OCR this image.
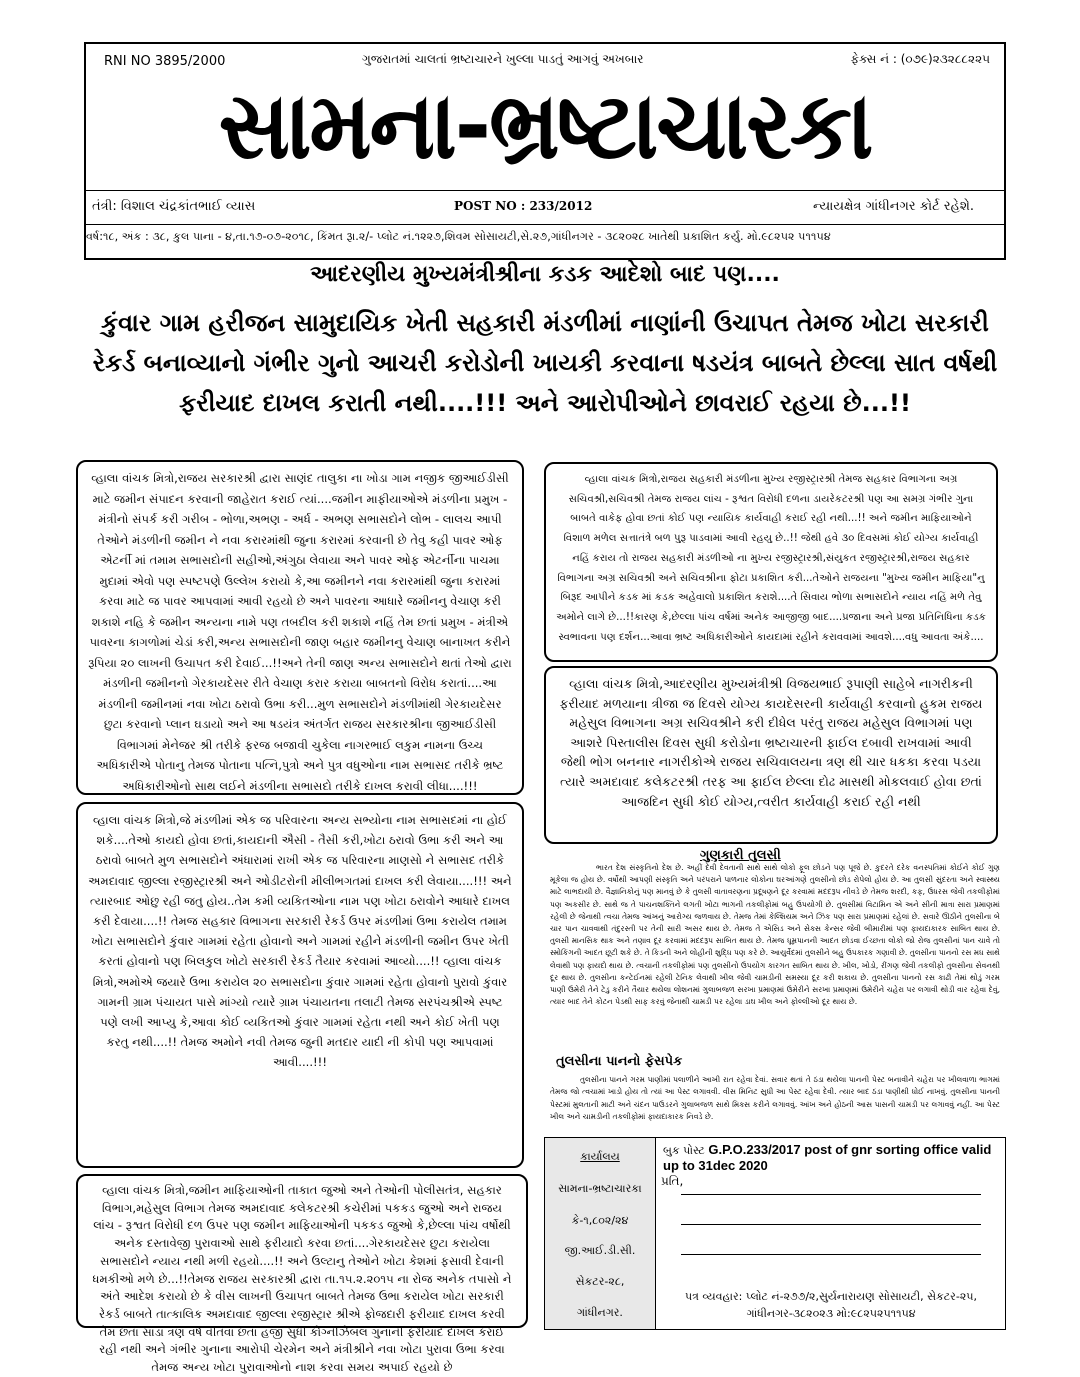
RNI NO 3895/2000	ગુજરાતમાં ચાલતાં ભ્રષ્ટાચારને ખુલ્લા પાડતું આગવું અખબાર	ફેક્સ નં : (૦૭૯)૨૩૨૮૮૨૨૫
સામના-ભ્રષ્ટાચારકા
તંત્રી: વિશાલ ચંદ્રકાંતભાઈ વ્યાસ	POST NO : 233/2012	ન્યાયક્ષેત્ર ગાંધીનગર કોર્ટ રહેશે.
વર્ષ:૧૮, અંક : ૩૮, કુલ પાના - ૪,તા.૧૭-૦૭-૨૦૧૮, કિંમત રૂા.૨/- પ્લોટ નં.૧૨૨૭,શિવમ સોસાયટી,સે.૨૭,ગાંધીનગર - ૩૮૨૦૨૮ ખાતેથી પ્રકાશિત કર્યુ. મો.૯૮૨૫૨ ૫૧૧૫૪
આદરણીય મુખ્યમંત્રીશ્રીના કડક આદેશો બાદ પણ....
કુંવાર ગામ હરીજન સામુદાયિક ખેતી સહકારી મંડળીમાં નાણાંની ઉચાપત તેમજ ખોટા સરકારી રેકર્ડ બનાવ્યાનો ગંભીર ગુનો આચરી કરોડોની ખાયકી કરવાના ષડયંત્ર બાબતે છેલ્લા સાત વર્ષથી ફરીયાદ દાખલ કરાતી નથી....!!! અને આરોપીઓને છાવરાઈ રહયા છે...!!
વ્હાલા વાંચક મિત્રો,રાજય સરકારશ્રી દ્વારા સાણંદ તાલુકા ના ખોડા ગામ નજીક જીઆઈડીસી માટે જમીન સંપાદન કરવાની જાહેરાત કરાઈ ત્યાં....જમીન માફીયાઓએ મંડળીના પ્રમુખ - મંત્રીનો સંપર્ક કરી ગરીબ - ભોળા,અભણ - અર્ધ - અભણ સભાસદોને લોભ - લાલચ આપી તેઓને મંડળીની જમીન ને નવા કરારમાંથી જુના કરારમાં કરવાની છે તેવુ કહી પાવર ઓફ એટર્ની માં તમામ સભાસદોની સહીઓ,અંગુઠા લેવાયા અને પાવર ઓફ એટર્નીના પાચમા મુદામાં એવો પણ સ્પષ્ટપણે ઉલ્લેખ કરાયો કે,આ જમીનને નવા કરારમાંથી જુના કરારમાં કરવા માટે જ પાવર આપવામાં આવી રહયો છે અને પાવરના આધારે જમીનનુ વેચાણ કરી શકાશે નહિ કે જમીન અન્યના નામે પણ તબદીલ કરી શકાશે નહિં તેમ છતાં પ્રમુખ - મંત્રીએ પાવરના કાગળોમાં ચેડાં કરી,અન્ય સભાસદોની જાણ બહાર જમીનનુ વેચાણ બાનાખત કરીને રૂપિયા ૨૦ લાખની ઉચાપત કરી દેવાઈ...!!અને તેની જાણ અન્ય સભાસદોને થતાં તેઓ દ્વારા મંડળીની જમીનનો ગેરકાયદેસર રીતે વેચાણ કરાર કરાયા બાબતનો વિરોધ કરાતાં....આ મંડળીની જમીનમાં નવા ખોટા ઠરાવો ઉભા કરી...મુળ સભાસદોને મંડળીમાંથી ગેરકાયદેસર છુટા કરવાનો પ્લાન ઘડાયો અને આ ષડયંત્ર અંતર્ગત રાજય સરકારશ્રીના જીઆઈડીસી વિભાગમાં મેનેજર શ્રી તરીકે ફરજ બજાવી ચુકેલા નાગરભાઈ લકુમ નામના ઉચ્ચ અધિકારીએ પોતાનુ તેમજ પોતાના પત્નિ,પુત્રો અને પુત્ર વધુઓના નામ સભાસદ તરીકે ભ્રષ્ટ અધિકારીઓનો સાથ લઈને મંડળીના સભાસદો તરીકે દાખલ કરાવી લીધા....!!!
વ્હાલા વાંચક મિત્રો,જે મંડળીમાં એક જ પરિવારના અન્ય સભ્યોના નામ સભાસદમાં ના હોઈ શકે....તેઓ કાયદો હોવા છતાં,કાયદાની ઐસી - તૈસી કરી,ખોટા ઠરાવો ઉભા કરી અને આ ઠરાવો બાબતે મુળ સભાસદોને અંધારામાં રાખી એક જ પરિવારના માણસો ને સભાસદ તરીકે અમદાવાદ જીલ્લા રજીસ્ટ્રારશ્રી અને ઓડીટરોની મીલીભગતમાં દાખલ કરી લેવાયા....!!! અને ત્યારબાદ ઓછુ રહી જતુ હોય..તેમ કમી વ્યકિતઓના નામ પણ ખોટા ઠરાવોને આધારે દાખલ કરી દેવાયા....!! તેમજ સહકાર વિભાગના સરકારી રેકર્ડ ઉપર મંડળીમાં ઉભા કરાયેલ તમામ ખોટા સભાસદોને કુંવાર ગામમાં રહેતા હોવાનો અને ગામમાં રહીને મંડળીની જમીન ઉપર ખેતી કરતાં હોવાનો પણ બિલકુલ ખોટો સરકારી રેકર્ડ તૈયાર કરવામાં આવ્યો....!! વ્હાલા વાંચક મિત્રો,અમોએ જયારે ઉભા કરાયેલ ૨૦ સભાસદોના કુંવાર ગામમાં રહેતા હોવાનો પુરાવો કુંવાર ગામની ગ્રામ પંચાયત પાસે માંગ્યો ત્યારે ગ્રામ પંચાયતના તલાટી તેમજ સરપંચશ્રીએ સ્પષ્ટ પણે લખી આપ્યુ કે,આવા કોઈ વ્યકિતઓ કુંવાર ગામમાં રહેતા નથી અને કોઈ ખેતી પણ કરતુ નથી....!! તેમજ અમોને નવી તેમજ જુની મતદાર યાદી ની કોપી પણ આપવામાં આવી....!!!
વ્હાલા વાંચક મિત્રો,જમીન માફિયાઓની તાકાત જુઓ અને તેઓની પોલીસતંત્ર, સહકાર વિભાગ,મહેસુલ વિભાગ તેમજ અમદાવાદ કલેકટરશ્રી કચેરીમાં પકકડ જુઓ અને રાજય લાંચ - રૂશ્વત વિરોધી દળ ઉપર પણ જમીન માફિયાઓની પકકડ જુઓ કે,છેલ્લા પાંચ વર્ષોથી અનેક દસ્તાવેજી પુરાવાઓ સાથે ફરીયાદો કરવા છતાં....ગેરકાયદેસર છુટા કરાયેલા સભાસદોને ન્યાય નથી મળી રહયો....!! અને ઉલ્ટાનુ તેઓને ખોટા કેશમાં ફસાવી દેવાની ધમકીઓ મળે છે...!!તેમજ રાજય સરકારશ્રી દ્વારા તા.૧૫.૨.૨૦૧૫ ના રોજ અનેક તપાસો ને અંતે આદેશ કરાયો છે કે વીસ લાખની ઉચાપત બાબતે તેમજ ઉભા કરાયેલ ખોટા સરકારી રેકર્ડ બાબતે તાત્કાલિક અમદાવાદ જીલ્લા રજીસ્ટ્રાર શ્રીએ ફોજદારી ફરીયાદ દાખલ કરવી તેમ છતાં સાડા ત્રણ વર્ષ વીતવા છતાં હજી સુધી કોગ્નીઝેબલ ગુનાની ફરીયાદ દાખલ કરાઈ રહી નથી અને ગંભીર ગુનાના આરોપી ચેરમેન અને મંત્રીશ્રીને નવા ખોટા પુરાવા ઉભા કરવા તેમજ અન્ય ખોટા પુરાવાઓનો નાશ કરવા સમય અપાઈ રહયો છે
વ્હાલા વાંચક મિત્રો,રાજય સહકારી મંડળીના મુખ્ય રજીસ્ટ્રારશ્રી તેમજ સહકાર વિભાગના અગ્ર સચિવશ્રી,સચિવશ્રી તેમજ રાજય લાંચ - રૂશ્વત વિરોધી દળના ડાયરેકટરશ્રી પણ આ સમગ્ર ગંભીર ગુના બાબતે વાકેફ હોવા છતાં કોઈ પણ ન્યાયિક કાર્યવાહી કરાઈ રહી નથી...!! અને જમીન માફિયાઓને વિશાળ મળેલ સત્તાતંત્રે બળ પુરૂ પાડવામાં આવી રહયુ છે..!! જેથી હવે ૩૦ દિવસમાં કોઈ યોગ્ય કાર્યવાહી નહિં કરાય તો રાજય સહકારી મંડળીઓ ના મુખ્ય રજીસ્ટ્રારશ્રી,સંયુકત રજીસ્ટ્રારશ્રી,રાજય સહકાર વિભાગના અગ્ર સચિવશ્રી અને સચિવશ્રીના ફોટા પ્રકાશિત કરી...તેઓને રાજયના "મુખ્ય જમીન માફિયા"નુ બિરૂદ આપીને કડક માં કડક અહેવાલો પ્રકાશિત કરાશે....તે સિવાય ભોળા સભાસદોને ન્યાય નહિં મળે તેવુ અમોને લાગે છે...!!કારણ કે,છેલ્લા પાંચ વર્ષમાં અનેક આજીજી બાદ....પ્રજાના અને પ્રજા પ્રતિનિધિના કડક સ્વભાવના પણ દર્શન...આવા ભ્રષ્ટ અધિકારીઓને કાયદામાં રહીને કરાવવામાં આવશે....વધુ આવતા અંકે....
વ્હાલા વાંચક મિત્રો,આદરણીય મુખ્યમંત્રીશ્રી વિજયભાઈ રૂપાણી સાહેબે નાગરીકની ફરીયાદ મળયાના ત્રીજા જ દિવસે યોગ્ય કાયદેસરની કાર્યવાહી કરવાનો હુકમ રાજય મહેસુલ વિભાગના અગ્ર સચિવશ્રીને કરી દીધેલ પરંતુ રાજય મહેસુલ વિભાગમાં પણ આશરે પિસ્તાલીસ દિવસ સુધી કરોડોના ભ્રષ્ટાચારની ફાઈલ દબાવી રાખવામાં આવી જેથી ભોગ બનનાર નાગરીકોએ રાજય સચિવાલયના ત્રણ થી ચાર ધકકા કરવા પડયા ત્યારે અમદાવાદ કલેકટરશ્રી તરફ આ ફાઈલ છેલ્લા દોઢ માસથી મોકલવાઈ હોવા છતાં આજદિન સુધી કોઈ યોગ્ય,ત્વરીત કાર્યવાહી કરાઈ રહી નથી
ગુણકારી તુલસી
ભારત દેશ સંસ્કૃતિનો દેશ છે. અહીં દેવી દેવતાની સાથે સાથે લોકો ફૂલ છોડને પણ પૂજે છે. કુદરતે દરેક વનસ્પતિમાં કોઈને કોઈ ગુણ મૂકેલા જ હોય છે. વર્ષોથી આપણી સંસ્કૃતિ અને પરંપરાને પાળનાર લોકોના ઘરઆંગણે તુલસીનો છોડ રોપેલો હોય છે. આ તુલસી સુંદરતા અને સ્વાસ્થ્ય માટે લાભદાયી છે. વૈજ્ઞાનિકોનું પણ માનવું છે કે તુલસી વાતાવરણના પ્રદૂષણને દૂર કરવામાં મદદરૂપ નીવડે છે તેમજ શરદી, કફ, ઉધરસ જેવી તકલીફોમાં પણ અકસીર છે. સાથે જ તે પાચનશક્તિને લગતી ખોટા ભાગની તકલીફોમાં બહુ ઉપયોગી છે. તુલસીમાં વિટામિન એ અને સીની માત્રા સારા પ્રમાણમાં રહેલી છે જેનાથી ત્વચા તેમજ આંખનું આરોગ્ય જળવાય છે. તેમજ તેમાં કેલ્શિયમ અને ઝિંક પણ સારા પ્રમાણમાં રહેલાં છે. સવારે ઊઠીને તુલસીના બે ચાર પાન ચાવવાથી તંદુરસ્તી પર તેની સારી અસર થાય છે. તેમજ તે એસિડ અને સેક્સ કેન્સર જેવી બીમારીમાં પણ ફાયદાકારક સાબિત થાય છે. તુલસી માનસિક થાક અને તણાવ દૂર કરવામાં મદદરૂપ સાબિત થાય છે. તેમજ ધૂમ્રપાનની આદત છોડવા ઈચ્છતા લોકો જો રોજ તુલસીનાં પાન ચાવે તો સ્મોકિંગની આદત છૂટી શકે છે. તે કિડની અને લોહીની શુદ્ધિ પણ કરે છે. આયુર્વેદમાં તુલસીને બહુ ઉપકારક ગણાવી છે. તુલસીના પાનનો રસ મધ સાથે લેવાથી પણ ફાયદો થાય છે. ત્વચાની તકલીફોમાં પણ તુલસીનો ઉપયોગ કારગત સાબિત થાય છે. ખીલ, ખોડો, રીંગણ જેવી તકલીફો તુલસીના સેવનથી દૂર થાય છે. તુલસીના કન્ટેઈનમાં રહેલી ટેનિક લેવાથી ખીલ જેવી ચામડીની સમસ્યા દૂર કરી શકાય છે. તુલસીના પાનનો રસ કાઢી તેમાં થોડું ગરમ પાણી ઉમેરી તેને ટેડુ કરીને તૈયાર થયેલા લોશનમાં ગુલાબજળ સરખા પ્રમાણમાં ઉમેરીને સરખા પ્રમાણમાં ઉમેરીને ચહેરા પર લગાવી થોડી વાર રહેવા દેવું, ત્યાર બાદ તેને કોટન પેડથી સાફ કરવું જેનાથી ચામડી પર રહેલા ડાઘ ખીલ અને ફોલ્લીઓ દૂર થાય છે.
તુલસીના પાનનો ફેસપેક
તુલસીના પાનને ગરમ પાણીમાં પલાળીને આખી રાત રહેવા દેવાં. સવાર થતાં તે ઠંડા થયેલા પાનની પેસ્ટ બનાવીને ચહેરા પર ખીલવાળા ભાગમાં તેમજ જો ત્વચામાં ખાડો હોય તો ત્યાં આ પેસ્ટ લગાવવી. વીસ મિનિટ સુધી આ પેસ્ટ રહેવા દેવી. ત્યાર બાદ ઠંડા પાણીથી ધોઈ નાખવું. તુલસીના પાનની પેસ્ટમાં મુલતાની માટી અને ચંદન પાઉડરને ગુલાબજળ સાથે મિક્સ કરીને લગાવવું. આંખ અને હોઠની આસ પાસની ચામડી પર લગાવવું નહીં. આ પેસ્ટ ખીલ અને ચામડીની તકલીફોમાં ફાયદાકારક નિવડે છે.
કાર્યાલય
સામના-ભ્રષ્ટાચારકા
કે-૧,૮૦૨/૨૪
જી.આઈ.ડી.સી.
સેકટર-૨૮,
ગાંધીનગર.
બુક પોસ્ટ G.P.O.233/2017 post of gnr sorting office valid up to 31dec 2020
પ્રતિ,
પત્ર વ્યવહાર: પ્લોટ નં-૨૭૭/૨,સુર્યનારાયણ સોસાયટી, સેકટર-૨૫,
ગાંધીનગર-૩૮૨૦૨૩ મો:૯૮૨૫૨૫૧૧૫૪
